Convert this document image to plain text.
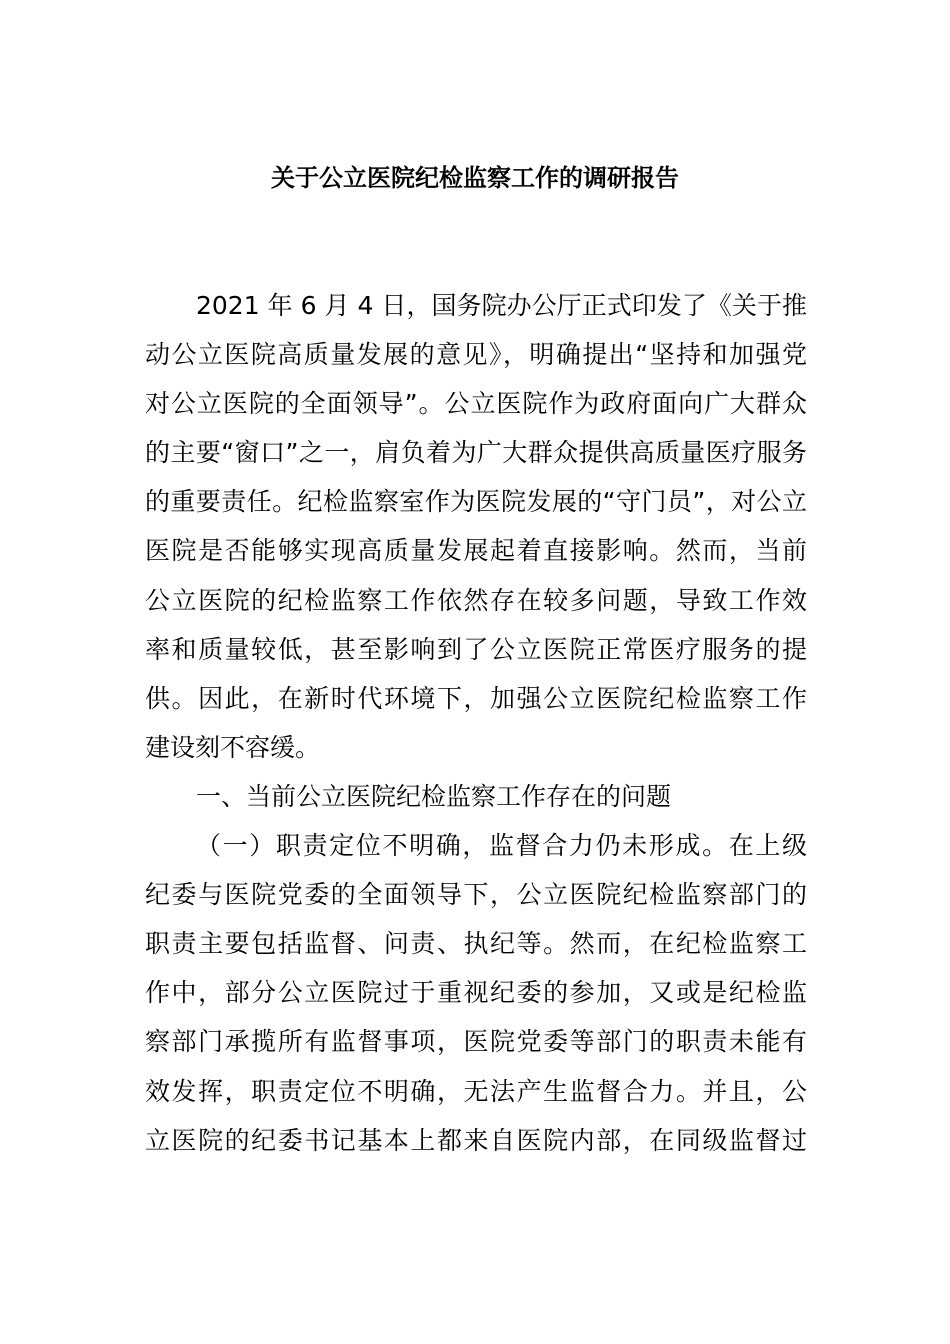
关于公立医院纪检监察工作的调研报告
2021 年 6 月 4 日，国务院办公厅正式印发了《关于推
动公立医院高质量发展的意见》，明确提出“坚持和加强党
对公立医院的全面领导”。公立医院作为政府面向广大群众
的主要“窗口”之一，肩负着为广大群众提供高质量医疗服务
的重要责任。纪检监察室作为医院发展的“守门员”，对公立
医院是否能够实现高质量发展起着直接影响。然而，当前
公立医院的纪检监察工作依然存在较多问题，导致工作效
率和质量较低，甚至影响到了公立医院正常医疗服务的提
供。因此，在新时代环境下，加强公立医院纪检监察工作
建设刻不容缓。
一、当前公立医院纪检监察工作存在的问题
（一）职责定位不明确，监督合力仍未形成。在上级
纪委与医院党委的全面领导下，公立医院纪检监察部门的
职责主要包括监督、问责、执纪等。然而，在纪检监察工
作中，部分公立医院过于重视纪委的参加，又或是纪检监
察部门承揽所有监督事项，医院党委等部门的职责未能有
效发挥，职责定位不明确，无法产生监督合力。并且，公
立医院的纪委书记基本上都来自医院内部，在同级监督过
